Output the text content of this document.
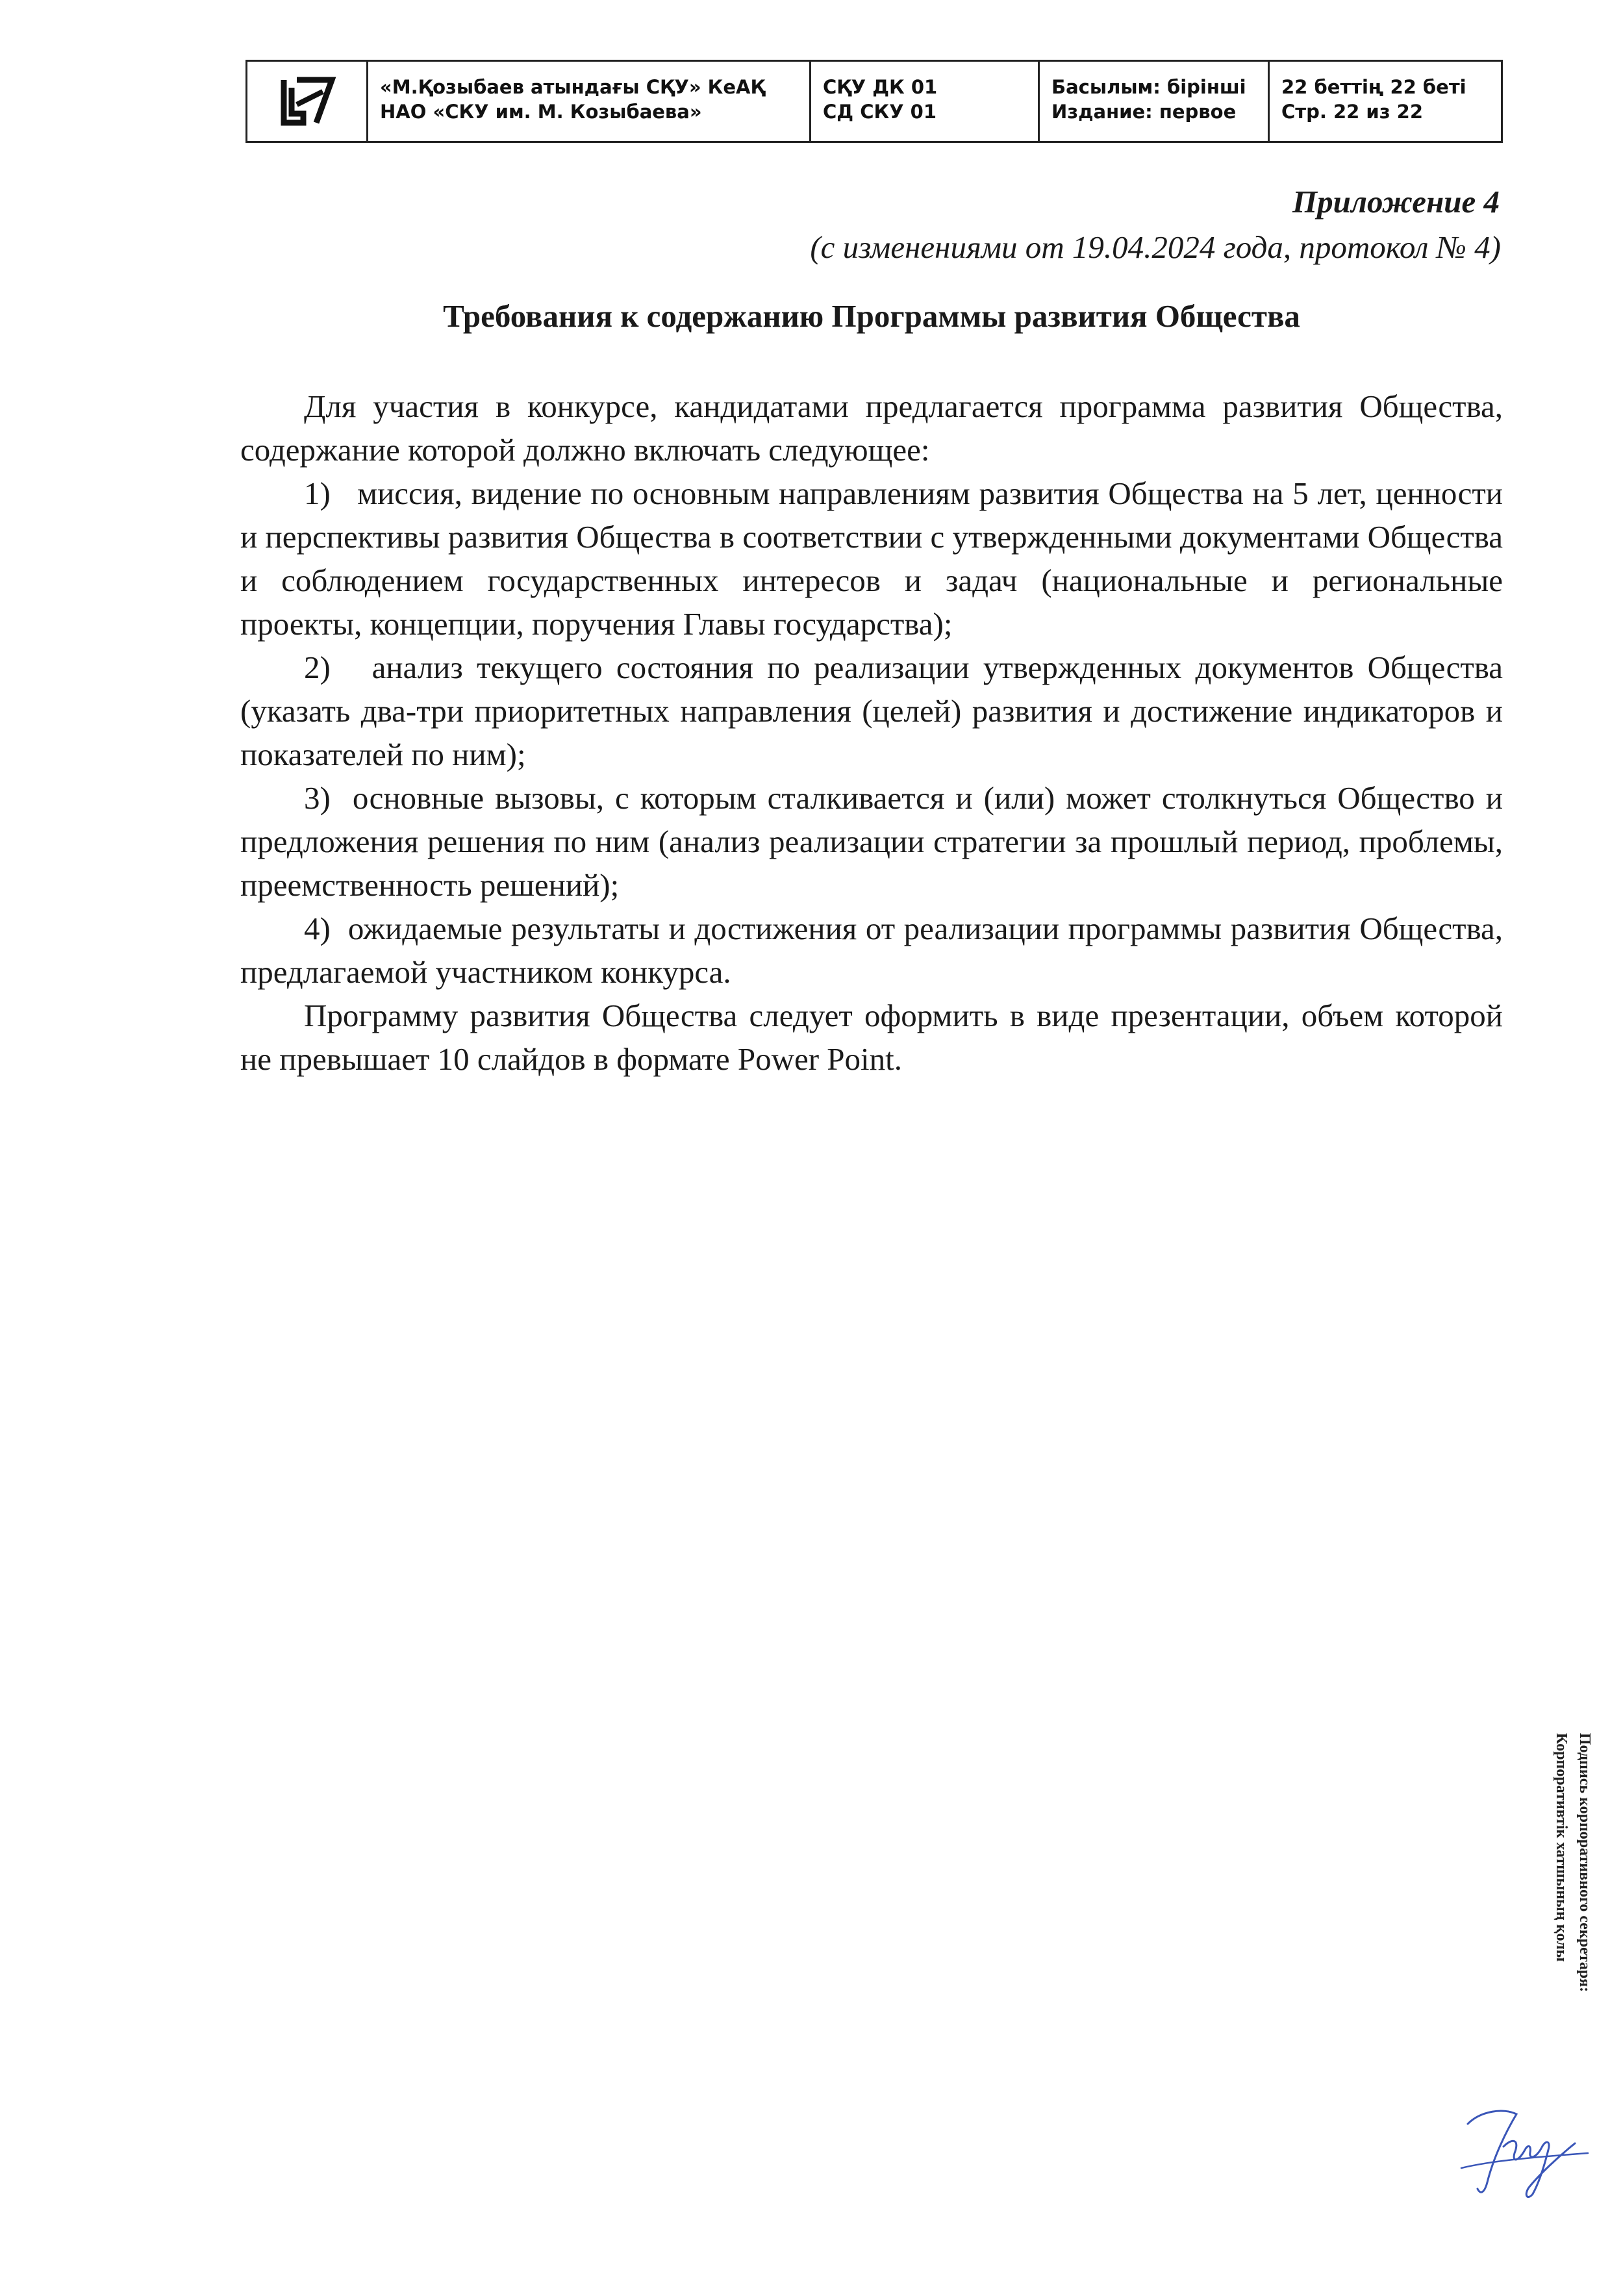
«М.Қозыбаев атындағы СҚУ» КеАҚ
НАО «СКУ им. М. Козыбаева»
СҚУ ДК 01
СД СКУ 01
Басылым: бірінші
Издание: первое
22 беттің 22 беті
Стр. 22 из 22
Приложение 4
(с изменениями от 19.04.2024 года, протокол № 4)
Требования к содержанию Программы развития Общества

Для участия в конкурсе, кандидатами предлагается программа развития Общества, содержание которой должно включать следующее:

1)   миссия, видение по основным направлениям развития Общества на 5 лет, ценности и перспективы развития Общества в соответствии с утвержденными документами Общества и соблюдением государственных интересов и задач (национальные и региональные проекты, концепции, поручения Главы государства);

2)   анализ текущего состояния по реализации утвержденных документов Общества (указать два-три приоритетных направления (целей) развития и достижение индикаторов и показателей по ним);

3)  основные вызовы, с которым сталкивается и (или) может столкнуться Общество и предложения решения по ним (анализ реализации стратегии за прошлый период, проблемы, преемственность решений);

4)  ожидаемые результаты и достижения от реализации программы развития Общества, предлагаемой участником конкурса.

Программу развития Общества следует оформить в виде презентации, объем которой не превышает 10 слайдов в формате Power Point.

Подпись корпоративного секретаря:
Корпоративтік хатшының қолы
